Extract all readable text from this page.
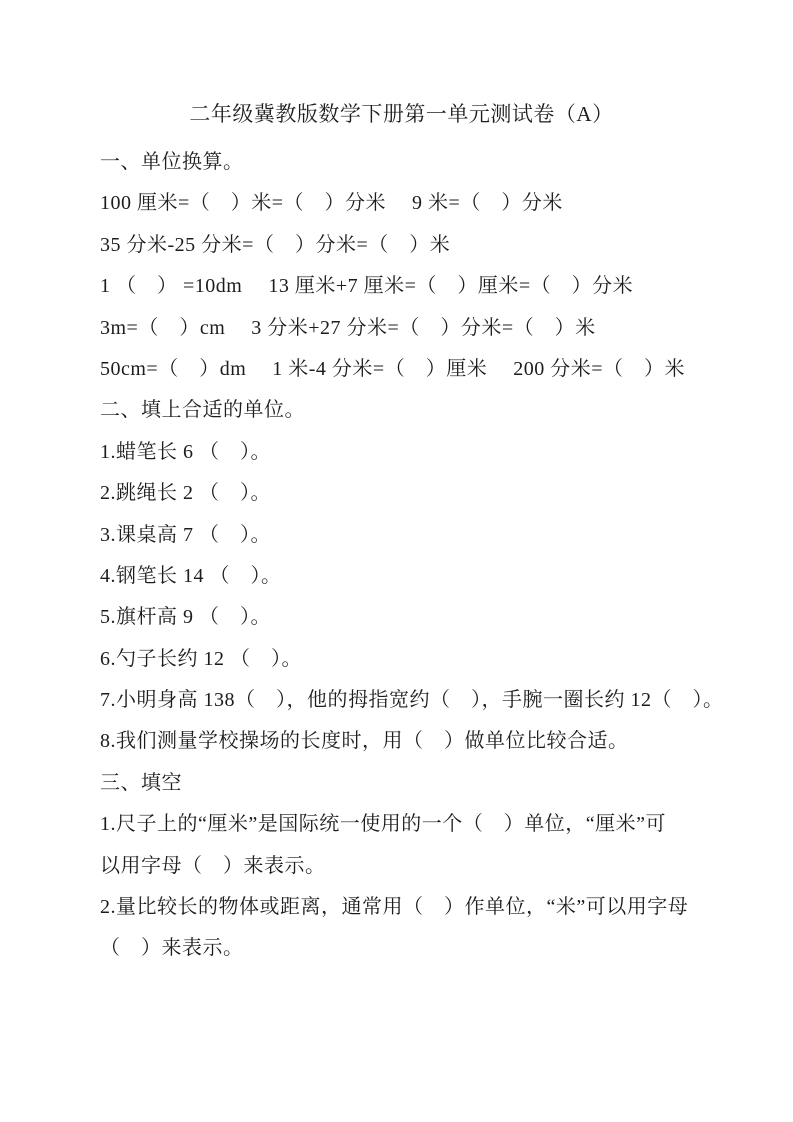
二年级冀教版数学下册第一单元测试卷（A）
一、单位换算。
100 厘米=（　）米=（　）分米　 9 米=（　）分米
35 分米-25 分米=（　）分米=（　）米
1 （　） =10dm　 13 厘米+7 厘米=（　）厘米=（　）分米
3m=（　）cm　 3 分米+27 分米=（　）分米=（　）米
50cm=（　）dm　 1 米-4 分米=（　）厘米　 200 分米=（　）米
二、填上合适的单位。
1.蜡笔长 6 （　）。
2.跳绳长 2 （　）。
3.课桌高 7 （　）。
4.钢笔长 14 （　）。
5.旗杆高 9 （　）。
6.勺子长约 12 （　）。
7.小明身高 138（　），他的拇指宽约（　），手腕一圈长约 12（　）。
8.我们测量学校操场的长度时，用（　）做单位比较合适。
三、填空
1.尺子上的“厘米”是国际统一使用的一个（　）单位，“厘米”可
以用字母（　）来表示。
2.量比较长的物体或距离，通常用（　）作单位，“米”可以用字母
（　）来表示。
